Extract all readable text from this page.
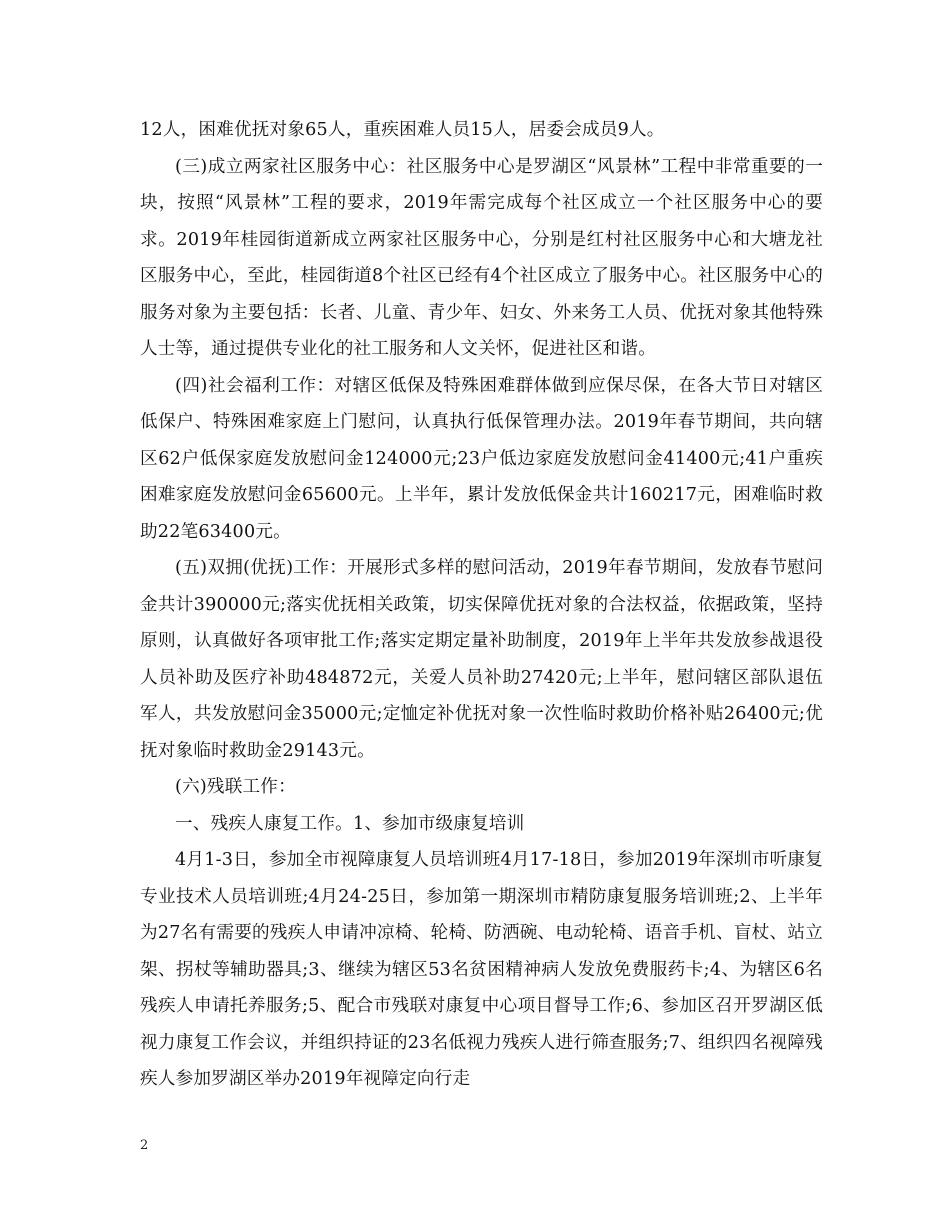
12人，困难优抚对象65人，重疾困难人员15人，居委会成员9人。

(三)成立两家社区服务中心：社区服务中心是罗湖区“风景林”工程中非常重要的一块，按照“风景林”工程的要求，2019年需完成每个社区成立一个社区服务中心的要求。2019年桂园街道新成立两家社区服务中心，分别是红村社区服务中心和大塘龙社区服务中心，至此，桂园街道8个社区已经有4个社区成立了服务中心。社区服务中心的服务对象为主要包括：长者、儿童、青少年、妇女、外来务工人员、优抚对象其他特殊人士等，通过提供专业化的社工服务和人文关怀，促进社区和谐。

(四)社会福利工作：对辖区低保及特殊困难群体做到应保尽保，在各大节日对辖区低保户、特殊困难家庭上门慰问，认真执行低保管理办法。2019年春节期间，共向辖区62户低保家庭发放慰问金124000元;23户低边家庭发放慰问金41400元;41户重疾困难家庭发放慰问金65600元。上半年，累计发放低保金共计160217元，困难临时救助22笔63400元。

(五)双拥(优抚)工作：开展形式多样的慰问活动，2019年春节期间，发放春节慰问金共计390000元;落实优抚相关政策，切实保障优抚对象的合法权益，依据政策，坚持原则，认真做好各项审批工作;落实定期定量补助制度，2019年上半年共发放参战退役人员补助及医疗补助484872元，关爱人员补助27420元;上半年，慰问辖区部队退伍军人，共发放慰问金35000元;定恤定补优抚对象一次性临时救助价格补贴26400元;优抚对象临时救助金29143元。

(六)残联工作：

一、残疾人康复工作。1、参加市级康复培训

4月1-3日，参加全市视障康复人员培训班4月17-18日，参加2019年深圳市听康复专业技术人员培训班;4月24-25日，参加第一期深圳市精防康复服务培训班;2、上半年为27名有需要的残疾人申请冲凉椅、轮椅、防洒碗、电动轮椅、语音手机、盲杖、站立架、拐杖等辅助器具;3、继续为辖区53名贫困精神病人发放免费服药卡;4、为辖区6名残疾人申请托养服务;5、配合市残联对康复中心项目督导工作;6、参加区召开罗湖区低视力康复工作会议，并组织持证的23名低视力残疾人进行筛查服务;7、组织四名视障残疾人参加罗湖区举办2019年视障定向行走

2
